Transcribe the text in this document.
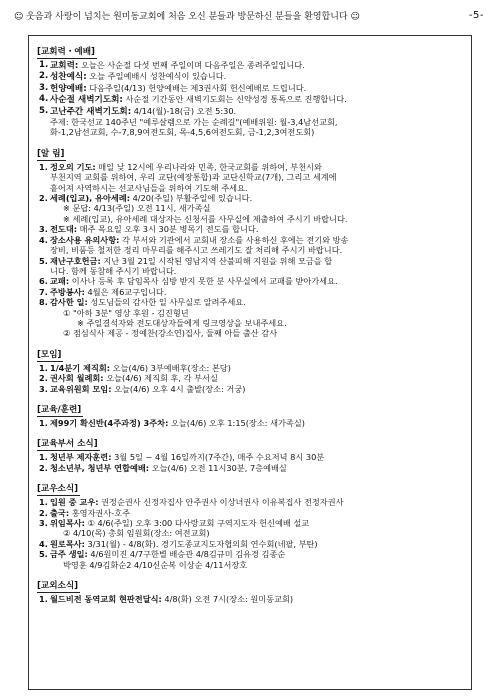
☺ 웃음과 사랑이 넘치는 원미동교회에 처음 오신 분들과 방문하신 분들을 환영합니다 ☺	-5-
[교회력・예배]

1. 교회력: 오늘은 사순절 다섯 번째 주일이며 다음주일은 종려주일입니다.
2. 성찬예식: 오늘 주일예배시 성찬예식이 있습니다.
3. 헌양예배: 다음주일(4/13) 헌양예배는 제3권사회 헌신예배로 드립니다.
4. 사순절 새벽기도회: 사순절 기간동안 새벽기도회는 신약성경 통독으로 진행합니다.
5. 고난주간 새벽기도회: 4/14(월)-18(금) 오전 5:30.
주제: 한국선교 140주년 "예루살렘으로 가는 순례길"(예배위원: 월-3,4남선교회,
화-1,2남선교회, 수-7,8,9여전도회, 목-4,5,6여전도회, 금-1,2,3여전도회)
[알 림]

1. 정오의 기도: 매일 낮 12시에 우리나라와 민족, 한국교회를 위하여, 부천시와
부천지역 교회를 위하여, 우리 교단(예장통합)과 교단신학교(7개), 그리고 세계에
흩어져 사역하시는 선교사님들을 위하여 기도해 주세요.
2. 세례(입교), 유아세례: 4/20(주일) 부활주일에 있습니다.
※ 문답: 4/13(주일) 오전 11시, 새가족실
※ 세례(입교), 유아세례 대상자는 신청서를 사무실에 제출하여 주시기 바랍니다.
3. 전도대: 매주 목요일 오후 3시 30분 병목기 전도를 합니다.
4. 장소사용 유의사항: 각 부서와 기관에서 교회내 장소를 사용하신 후에는 전기와 방송
장비, 비품등 철저한 정리 마무리를 해주시고 쓰레기도 잘 처리해 주시기 바랍니다.
5. 재난구호헌금: 지난 3월 21일 시작된 영남지역 산불피해 지원을 위해 모금을 합
니다. 함께 동참해 주시기 바랍니다.
6. 교패: 이사나 등록 후 담임목사 심방 받지 못한 분 사무실에서 교패를 받아가세요.
7. 주방봉사: 4월은 제6교구입니다.
8. 감사한 일: 성도님들의 감사한 일 사무실로 알려주세요.
① "아하 3분" 영상 후원 - 김진형년
※ 주일결석자와 전도대상자들에게 링크영상을 보내주세요.
② 점심식사 제공 - 정예찬(강소연)집사, 둘째 아들 출산 감사
[모임]

1. 1/4분기 제직회: 오늘(4/6) 3부예배후(장소: 본당)
2. 권사회 월례회: 오늘(4/6) 제직회 후, 각 부서실
3. 교육위원회 모임: 오늘(4/6) 오후 4시 출발(장소: 거궁)
[교육/훈련]

1. 제99기 확신반(4주과정) 3주차: 오늘(4/6) 오후 1:15(장소: 새가족실)
[교육부서 소식]

1. 청년부 제자훈련: 3월 5일 ~ 4월 16일까지(7주간), 매주 수요저녁 8시 30분
2. 청소년부, 청년부 연합예배: 오늘(4/6) 오전 11시30분, 7층예배실
[교우소식]

1. 입원 중 교우: 권정순권사 신정자집사 안주권사 이상녀권사 이유복집사 전정자권사
2. 출국: 홍영자권사-호주
3. 위임목사: ① 4/6(주일) 오후 3:00 다사랑교회 구역지도자 헌신예배 설교
② 4/10(목) 총회 임원회(장소: 여전교회)
4. 원로목사: 3/31(월) - 4/8(화). 경기도종교지도자협의회 연수회(네팔, 부탄)
5. 금주 생일: 4/6원미진 4/7구한별 배승관 4/8김규미 김유경 김종순
박영훈 4/9김화순2 4/10신순복 이상순 4/11서장호
[교외소식]

1. 월드비전 동역교회 현판전달식: 4/8(화) 오전 7시(장소: 원미동교회)
